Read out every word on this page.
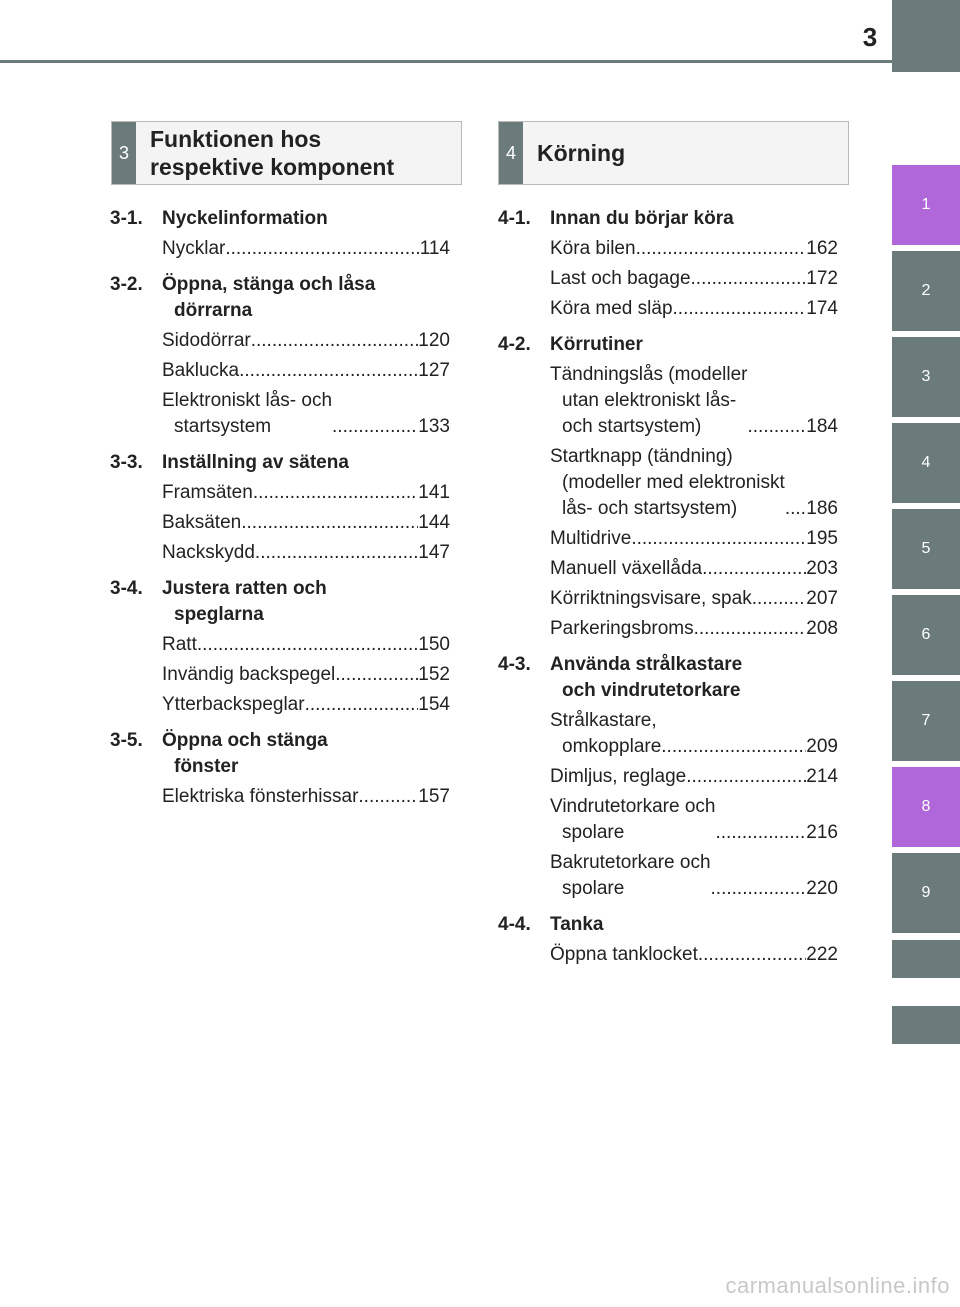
3
1
2
3
4
5
6
7
8
9
3
Funktionen hos
respektive komponent
4 Körning
3-1.	Nyckelinformation
Nycklar .....	114
3-2.	Öppna, stänga och låsa
dörrarna
Sidodörrar .....	120
Baklucka .....	127
Elektroniskt lås- och
startsystem .....	133
3-3.	Inställning av sätena
Framsäten .....	141
Baksäten .....	144
Nackskydd .....	147
3-4.	Justera ratten och
speglarna
Ratt .....	150
Invändig backspegel .....	152
Ytterbackspeglar .....	154
3-5.	Öppna och stänga
fönster
Elektriska fönsterhissar .....	157
4-1.	Innan du börjar köra
Köra bilen .....	162
Last och bagage .....	172
Köra med släp .....	174
4-2.	Körrutiner
Tändningslås (modeller
utan elektroniskt lås-
och startsystem) .....	184
Startknapp (tändning)
(modeller med elektroniskt
lås- och startsystem) .....	186
Multidrive .....	195
Manuell växellåda .....	203
Körriktningsvisare, spak .....	207
Parkeringsbroms .....	208
4-3.	Använda strålkastare
och vindrutetorkare
Strålkastare,
omkopplare .....	209
Dimljus, reglage .....	214
Vindrutetorkare och
spolare .....	216
Bakrutetorkare och
spolare .....	220
4-4.	Tanka
Öppna tanklocket .....	222
carmanualsonline.info
